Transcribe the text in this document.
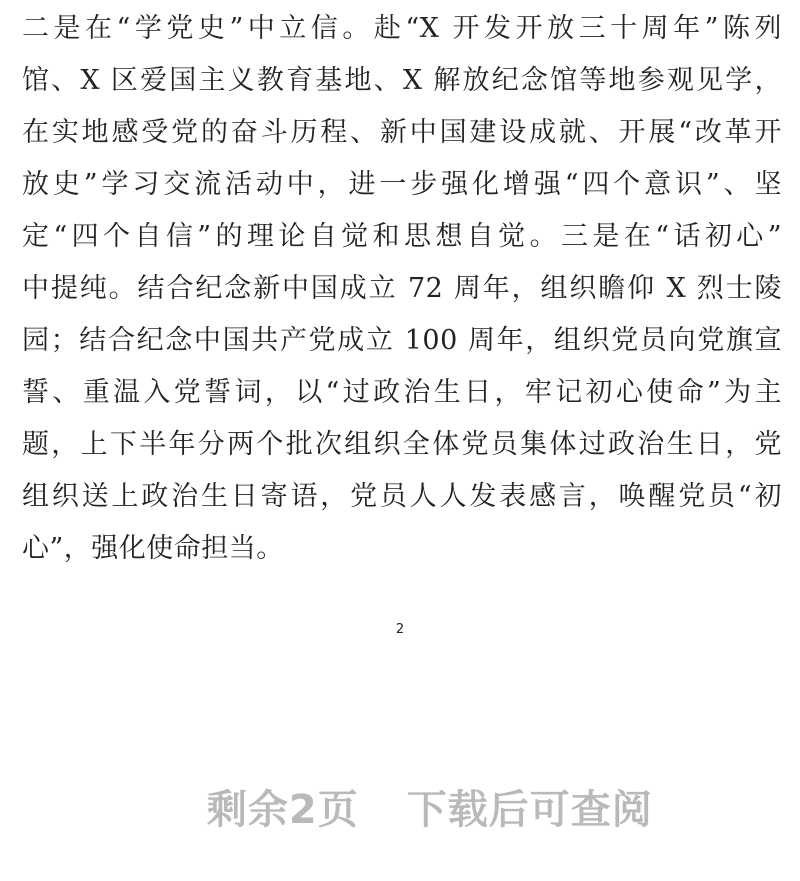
二是在“学党史”中立信。赴“X 开发开放三十周年”陈列
馆、X 区爱国主义教育基地、X 解放纪念馆等地参观见学，
在实地感受党的奋斗历程、新中国建设成就、开展“改革开
放史”学习交流活动中，进一步强化增强“四个意识”、坚
定“四个自信”的理论自觉和思想自觉。三是在“话初心”
中提纯。结合纪念新中国成立 72 周年，组织瞻仰 X 烈士陵
园；结合纪念中国共产党成立 100 周年，组织党员向党旗宣
誓、重温入党誓词，以“过政治生日，牢记初心使命”为主
题，上下半年分两个批次组织全体党员集体过政治生日，党
组织送上政治生日寄语，党员人人发表感言，唤醒党员“初
心”，强化使命担当。
2

剩余2页 下载后可查阅
